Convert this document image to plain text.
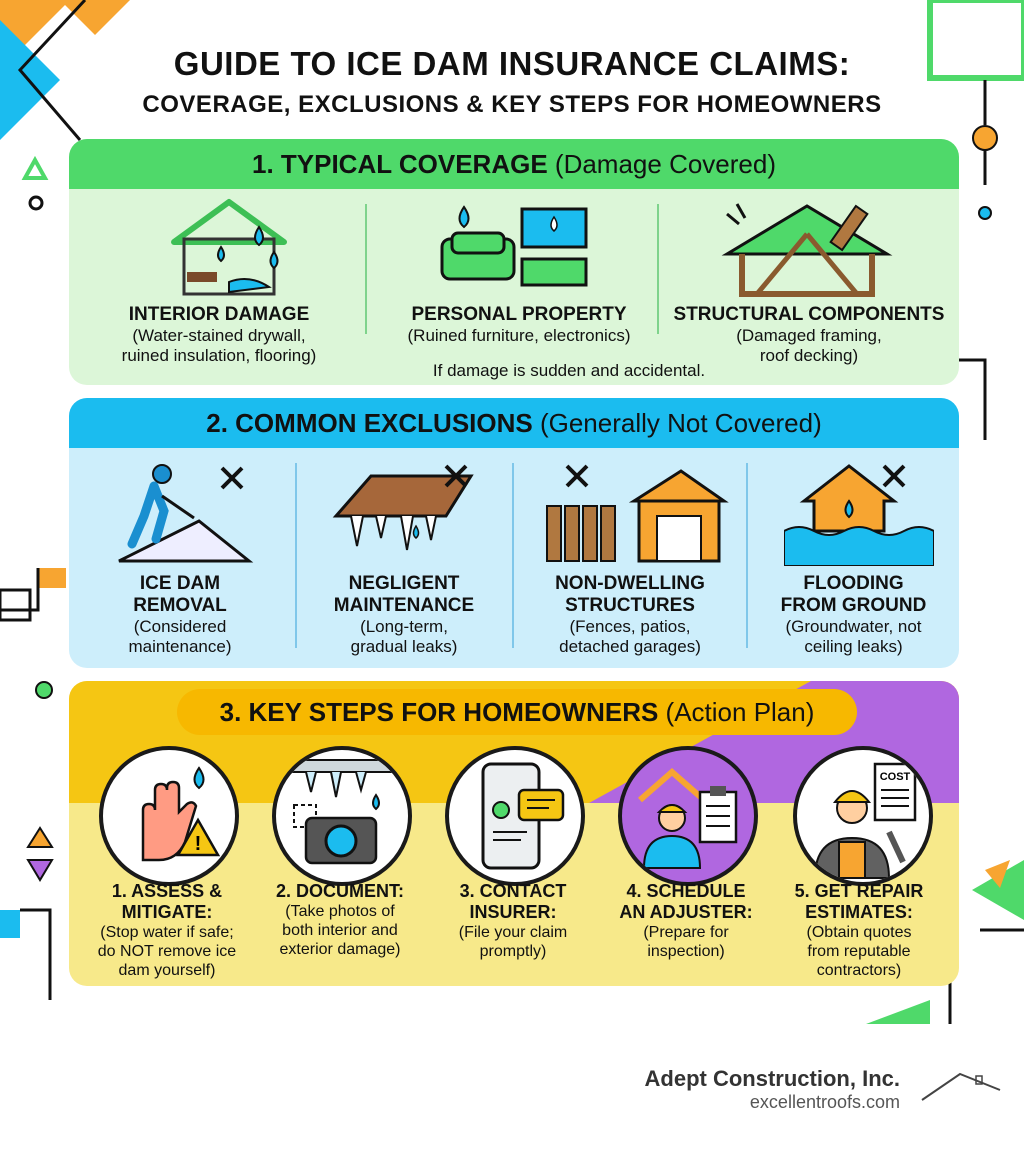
GUIDE TO ICE DAM INSURANCE CLAIMS:
COVERAGE, EXCLUSIONS & KEY STEPS FOR HOMEOWNERS
1. TYPICAL COVERAGE (Damage Covered)
INTERIOR DAMAGE
(Water-stained drywall,
ruined insulation, flooring)
PERSONAL PROPERTY
(Ruined furniture, electronics)
STRUCTURAL COMPONENTS
(Damaged framing,
roof decking)
If damage is sudden and accidental.
2. COMMON EXCLUSIONS (Generally Not Covered)
ICE DAM
REMOVAL
(Considered
maintenance)
NEGLIGENT
MAINTENANCE
(Long-term,
gradual leaks)
NON-DWELLING
STRUCTURES
(Fences, patios,
detached garages)
FLOODING
FROM GROUND
(Groundwater, not
ceiling leaks)
3. KEY STEPS FOR HOMEOWNERS (Action Plan)
!
1. ASSESS &
MITIGATE:
(Stop water if safe;
do NOT remove ice
dam yourself)
2. DOCUMENT:
(Take photos of
both interior and
exterior damage)
3. CONTACT
INSURER:
(File your claim
promptly)
4. SCHEDULE
AN ADJUSTER:
(Prepare for
inspection)
COST
5. GET REPAIR
ESTIMATES:
(Obtain quotes
from reputable
contractors)
Adept Construction, Inc.
excellentroofs.com
